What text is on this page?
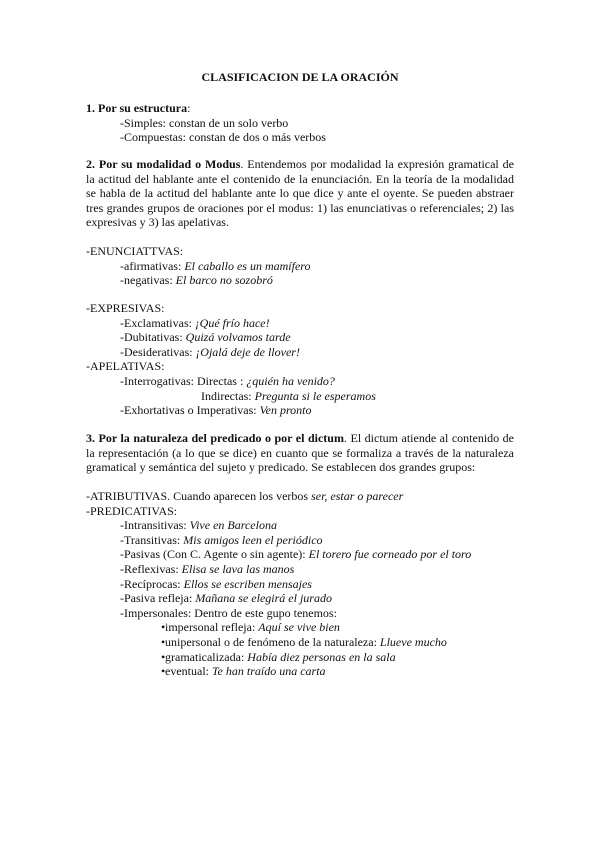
CLASIFICACION DE LA ORACIÓN
1. Por su estructura:
-Simples: constan de un solo verbo
-Compuestas: constan de dos o más verbos

2. Por su modalidad o Modus. Entendemos por modalidad la expresión gramatical de la actitud del hablante ante el contenido de la enunciación. En la teoría de la modalidad se habla de la actitud del hablante ante lo que dice y ante el oyente. Se pueden abstraer tres grandes grupos de oraciones por el modus: 1) las enunciativas o referenciales; 2) las expresivas y 3) las apelativas.

-ENUNCIATTVAS:
-afirmativas: El caballo es un mamífero
-negativas: El barco no sozobró
-EXPRESIVAS:
-Exclamativas: ¡Qué frío hace!
-Dubitativas: Quizá volvamos tarde
-Desiderativas: ¡Ojalá deje de llover!
-APELATIVAS:
-Interrogativas: Directas : ¿quién ha venido?
Indirectas: Pregunta si le esperamos
-Exhortativas o Imperativas: Ven pronto

3. Por la naturaleza del predicado o por el dictum. El dictum atiende al contenido de la representación (a lo que se dice) en cuanto que se formaliza a través de la naturaleza gramatical y semántica del sujeto y predicado. Se establecen dos grandes grupos:

-ATRIBUTIVAS. Cuando aparecen los verbos ser, estar o parecer
-PREDICATIVAS:
-Intransitivas: Vive en Barcelona
-Transitivas: Mis amigos leen el periódico
-Pasivas (Con C. Agente o sin agente): El torero fue corneado por el toro
-Reflexivas: Elisa se lava las manos
-Recíprocas: Ellos se escriben mensajes
-Pasiva refleja: Mañana se elegirá el jurado
-Impersonales: Dentro de este gupo tenemos:
•impersonal refleja: Aquí se vive bien
•unipersonal o de fenómeno de la naturaleza: Llueve mucho
•gramaticalizada: Había diez personas en la sala
•eventual: Te han traído una carta
